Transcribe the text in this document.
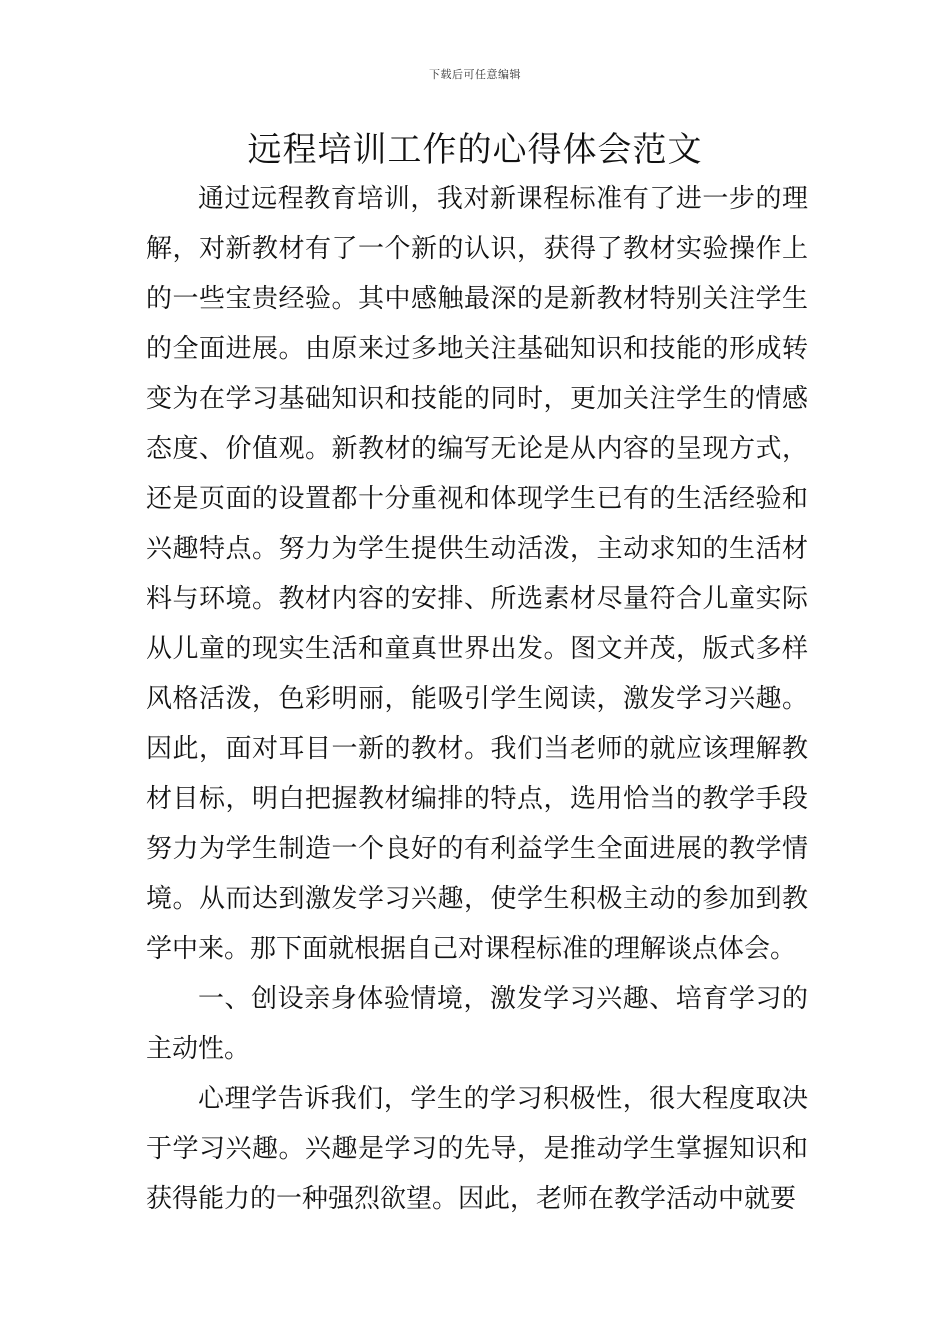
下载后可任意编辑
远程培训工作的心得体会范文

通过远程教育培训，我对新课程标准有了进一步的理解，对新教材有了一个新的认识，获得了教材实验操作上的一些宝贵经验。其中感触最深的是新教材特别关注学生的全面进展。由原来过多地关注基础知识和技能的形成转变为在学习基础知识和技能的同时，更加关注学生的情感态度、价值观。新教材的编写无论是从内容的呈现方式，还是页面的设置都十分重视和体现学生已有的生活经验和兴趣特点。努力为学生提供生动活泼，主动求知的生活材料与环境。教材内容的安排、所选素材尽量符合儿童实际从儿童的现实生活和童真世界出发。图文并茂，版式多样风格活泼，色彩明丽，能吸引学生阅读，激发学习兴趣。因此，面对耳目一新的教材。我们当老师的就应该理解教材目标，明白把握教材编排的特点，选用恰当的教学手段努力为学生制造一个良好的有利益学生全面进展的教学情境。从而达到激发学习兴趣，使学生积极主动的参加到教学中来。那下面就根据自己对课程标准的理解谈点体会。

一、创设亲身体验情境，激发学习兴趣、培育学习的主动性。

心理学告诉我们，学生的学习积极性，很大程度取决于学习兴趣。兴趣是学习的先导，是推动学生掌握知识和获得能力的一种强烈欲望。因此，老师在教学活动中就要
